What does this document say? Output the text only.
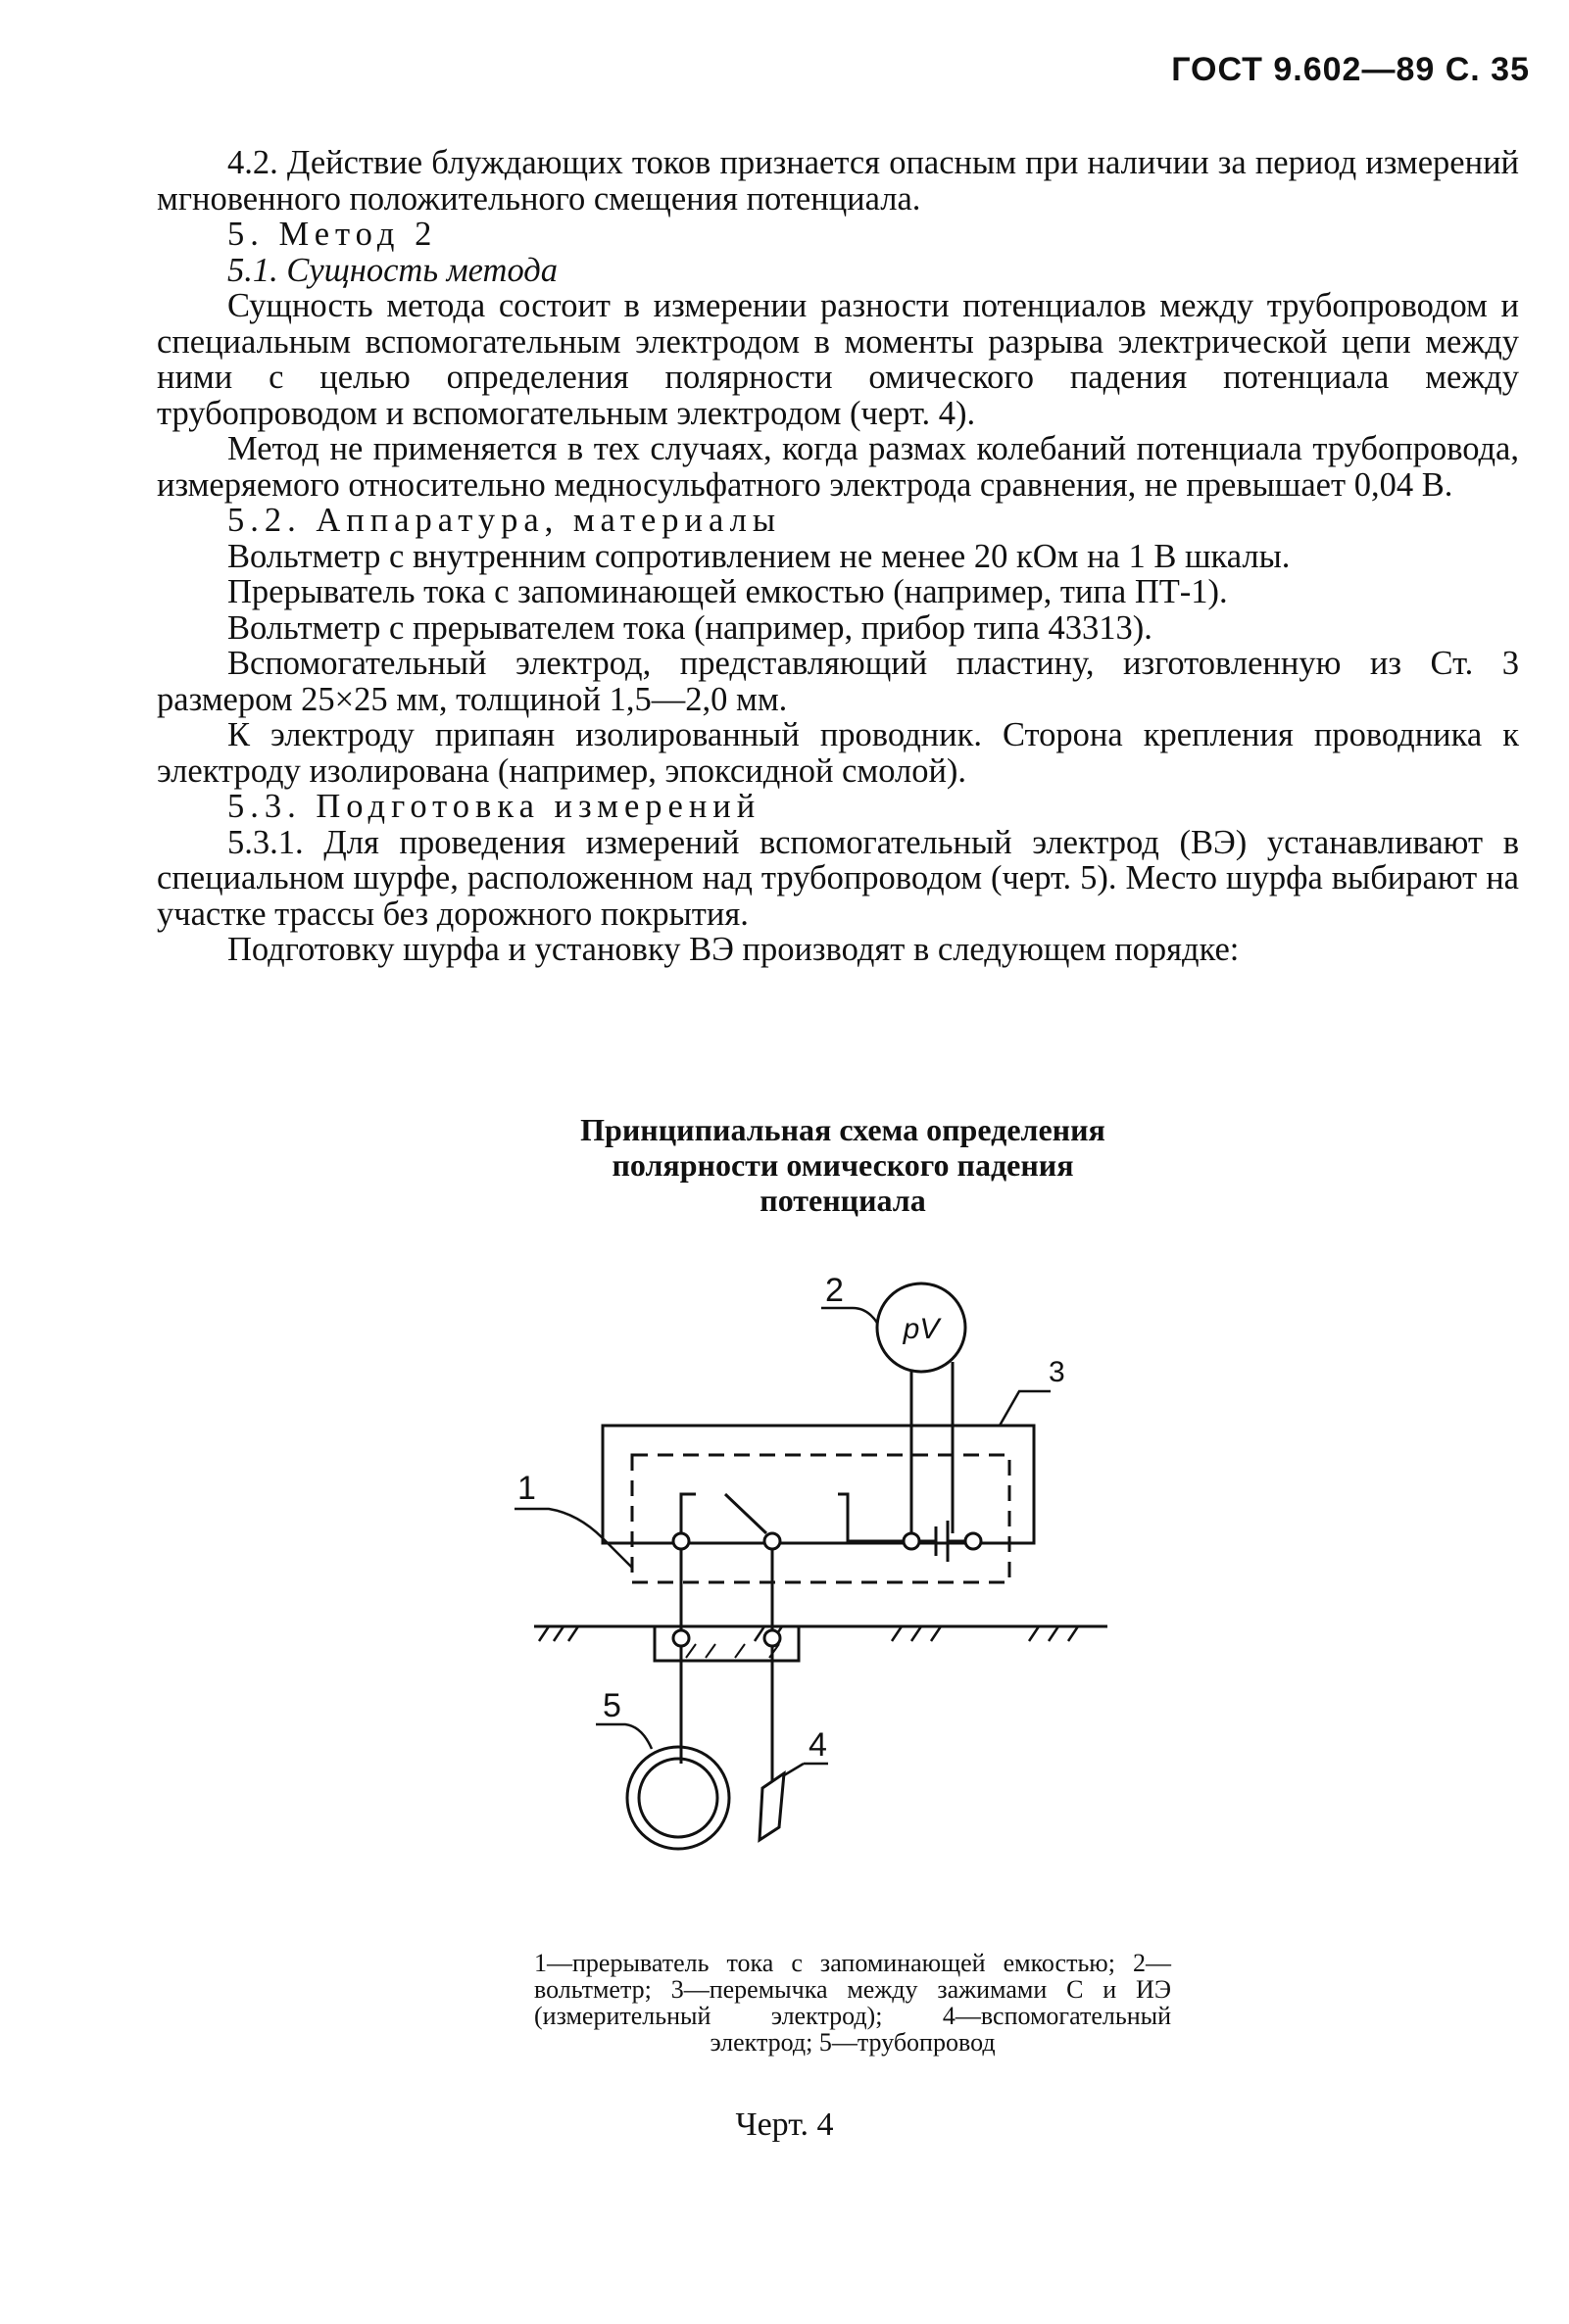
ГОСТ 9.602—89 С. 35

4.2. Действие блуждающих токов признается опасным при наличии за период измерений мгновенного положительного смещения потенциала.

5. Метод 2

5.1. Сущность метода

Сущность метода состоит в измерении разности потенциалов между трубопроводом и специальным вспомогательным электродом в моменты разрыва электрической цепи между ними с целью определения полярности омического падения потенциала между трубопроводом и вспомогательным электродом (черт. 4).

Метод не применяется в тех случаях, когда размах колебаний потенциала трубопровода, измеряемого относительно медносульфатного электрода сравнения, не превышает 0,04 В.

5.2. Аппаратура, материалы

Вольтметр с внутренним сопротивлением не менее 20 кОм на 1 В шкалы.

Прерыватель тока с запоминающей емкостью (например, типа ПТ-1).

Вольтметр с прерывателем тока (например, прибор типа 43313).

Вспомогательный электрод, представляющий пластину, изготовленную из Ст. 3 размером 25×25 мм, толщиной 1,5—2,0 мм.

К электроду припаян изолированный проводник. Сторона крепления проводника к электроду изолирована (например, эпоксидной смолой).

5.3. Подготовка измерений

5.3.1. Для проведения измерений вспомогательный электрод (ВЭ) устанавливают в специальном шурфе, расположенном над трубопроводом (черт. 5). Место шурфа выбирают на участке трассы без дорожного покрытия.

Подготовку шурфа и установку ВЭ производят в следующем порядке:

Принципиальная схема определения
полярности омического падения
потенциала
pV
2
3
1
5
4
1—прерыватель тока с запоминающей емкостью; 2—вольтметр; 3—перемычка между зажимами С и ИЭ (измерительный электрод); 4—вспомогательный электрод; 5—трубопровод
Черт. 4
